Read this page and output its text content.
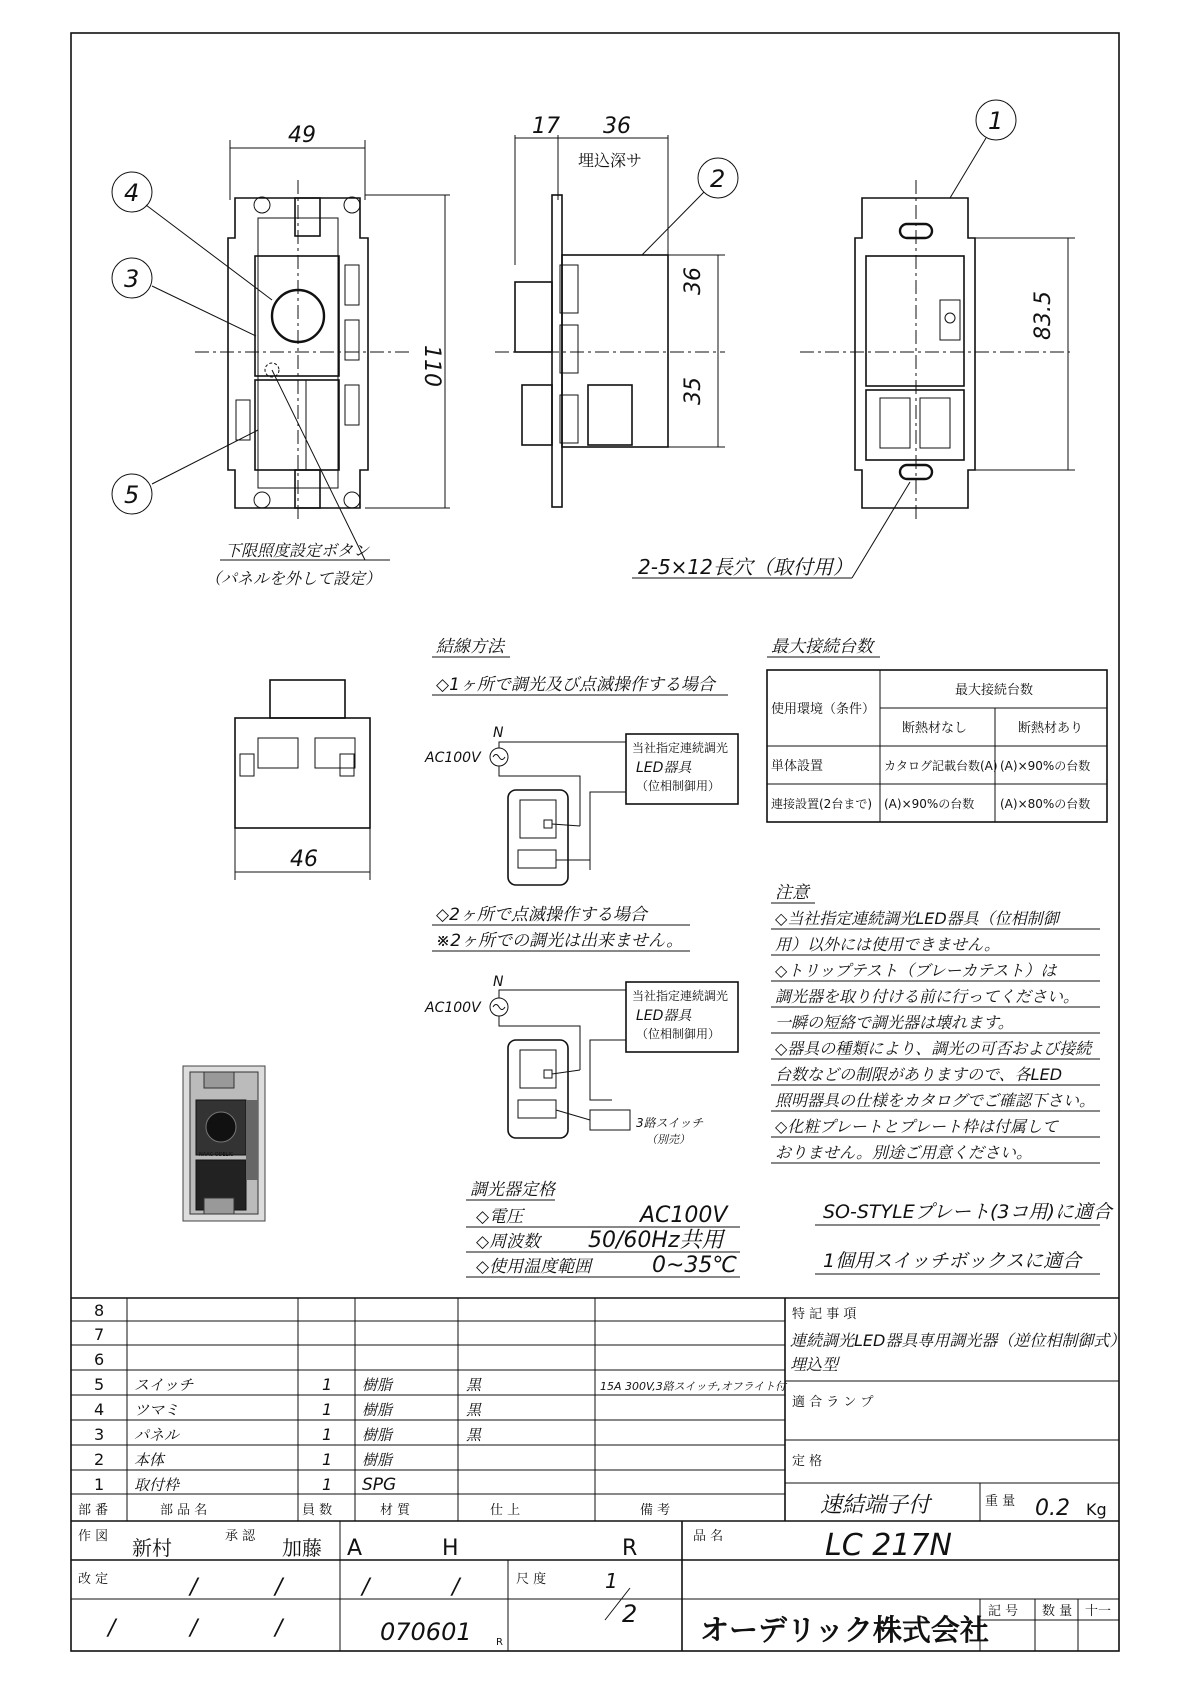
49
110
4
3
5
下限照度設定ボタン
（パネルを外して設定）
17 36
埋込深サ
2
36
35
1
83.5
2-5×12長穴（取付用）
46
結線方法
◇1ヶ所で調光及び点滅操作する場合
N
AC100V
当社指定連続調光
LED器具
（位相制御用）
◇2ヶ所で点滅操作する場合
※2ヶ所での調光は出来ません。
N
AC100V
当社指定連続調光
LED器具
（位相制御用）
3路スイッチ
（別売）
最大接続台数
使用環境（条件）
最大接続台数
断熱材なし	断熱材あり
単体設置	カタログ記載台数(A) (A)×90%の台数
連接設置(2台まで) (A)×90%の台数 (A)×80%の台数
注意
◇当社指定連続調光LED器具（位相制御
用）以外には使用できません。
◇トリップテスト（ブレーカテスト）は
調光器を取り付ける前に行ってください。
一瞬の短絡で調光器は壊れます。
◇器具の種類により、調光の可否および接続
台数などの制限がありますので、各LED
照明器具の仕様をカタログでご確認下さい。
◇化粧プレートとプレート枠は付属して
おりません。別途ご用意ください。
調光器定格
◇電圧	AC100V
◇周波数 50/60Hz共用
◇使用温度範囲	0~35℃
SO-STYLEプレート(3コ用)に適合
1個用スイッチボックスに適合
NAAC ODELIC
8
7
6
5 スイッチ	1 樹脂	黒	15A 300V,3路スイッチ,オフライト付
4 ツマミ	1 樹脂	黒
3 パネル	1 樹脂	黒
2 本体	1 樹脂
1 取付枠	1 SPG
部 番	部 品 名	員 数	材 質	仕 上	備 考
特 記 事 項
連続調光LED器具専用調光器（逆位相制御式）
埋込型
適 合 ラ ン プ
定 格
速結端子付	重 量 0.2 Kg
作 図 新村	承 認 加藤 A	H	R	品 名	LC 217N
改 定	/	/	/	/
/	/	/
尺 度	1
2
070601 R	オーデリック株式会社
記 号 数 量 十一
